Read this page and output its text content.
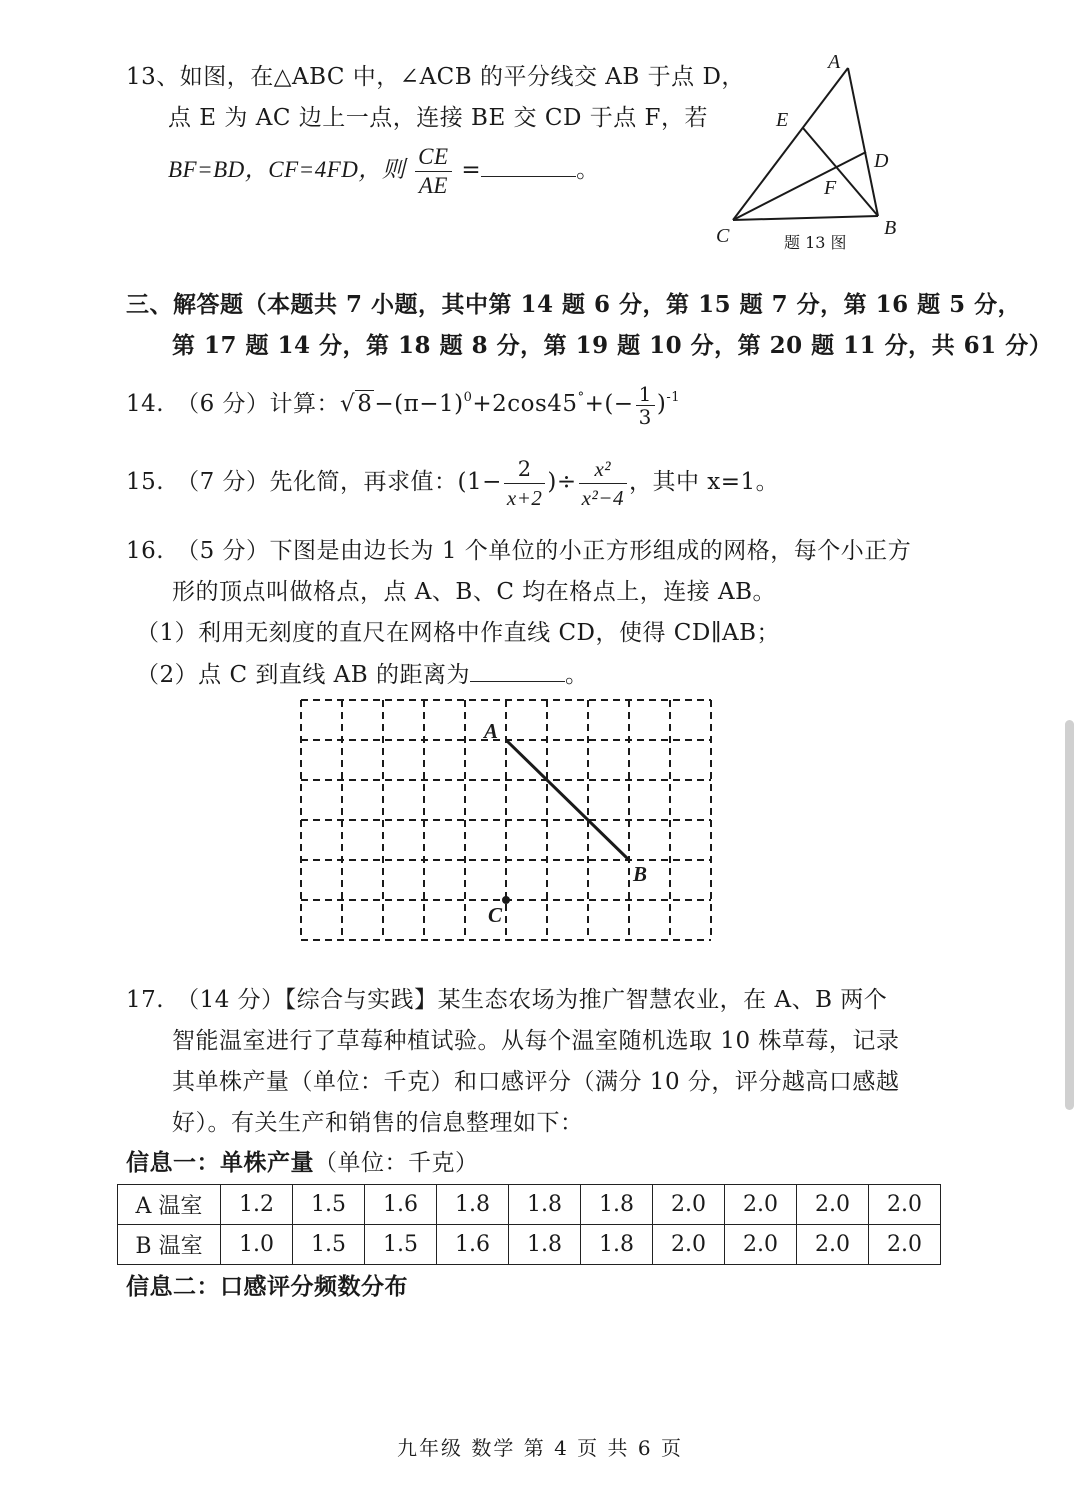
13、如图，在△ABC 中，∠ACB 的平分线交 AB 于点 D，
点 E 为 AC 边上一点，连接 BE 交 CD 于点 F，若
BF=BD，CF=4FD，则 $\frac{CE}{AE}$ =	。
A
E
D
F
C	B
题 13 图
三、解答题（本题共 7 小题，其中第 14 题 6 分，第 15 题 7 分，第 16 题 5 分，
第 17 题 14 分，第 18 题 8 分，第 19 题 10 分，第 20 题 11 分，共 61 分）
14.　（6 分）计算：$√8-(\pi-1)^0+2\cos 45^\circ+(- \frac{1}{3} )^{-1}$
15.　（7 分）先化简，再求值：($1- \frac{2}{x+2}$ )÷ $\frac{\text{x²}}{\text{x²−4}}$ ，其中 x=1。
16.　（5 分）下图是由边长为 1 个单位的小正方形组成的网格，每个小正方
形的顶点叫做格点，点 A、B、C 均在格点上，连接 AB。
（1）利用无刻度的直尺在网格中作直线 CD，使得 CD∥AB；
（2）点 C 到直线 AB 的距离为	。
A
B
C
17.　（14 分）【综合与实践】某生态农场为推广智慧农业，在 A、B 两个
智能温室进行了草莓种植试验。从每个温室随机选取 10 株草莓，记录
其单株产量（单位：千克）和口感评分（满分 10 分，评分越高口感越
好）。有关生产和销售的信息整理如下：
信息一：单株产量（单位：千克）
A 温室	1.2	1.5	1.6	1.8	1.8	1.8	2.0	2.0	2.0	2.0
B 温室	1.0	1.5	1.5	1.6	1.8	1.8	2.0	2.0	2.0	2.0
信息二：口感评分频数分布
九年级 数学 第 4 页 共 6 页
